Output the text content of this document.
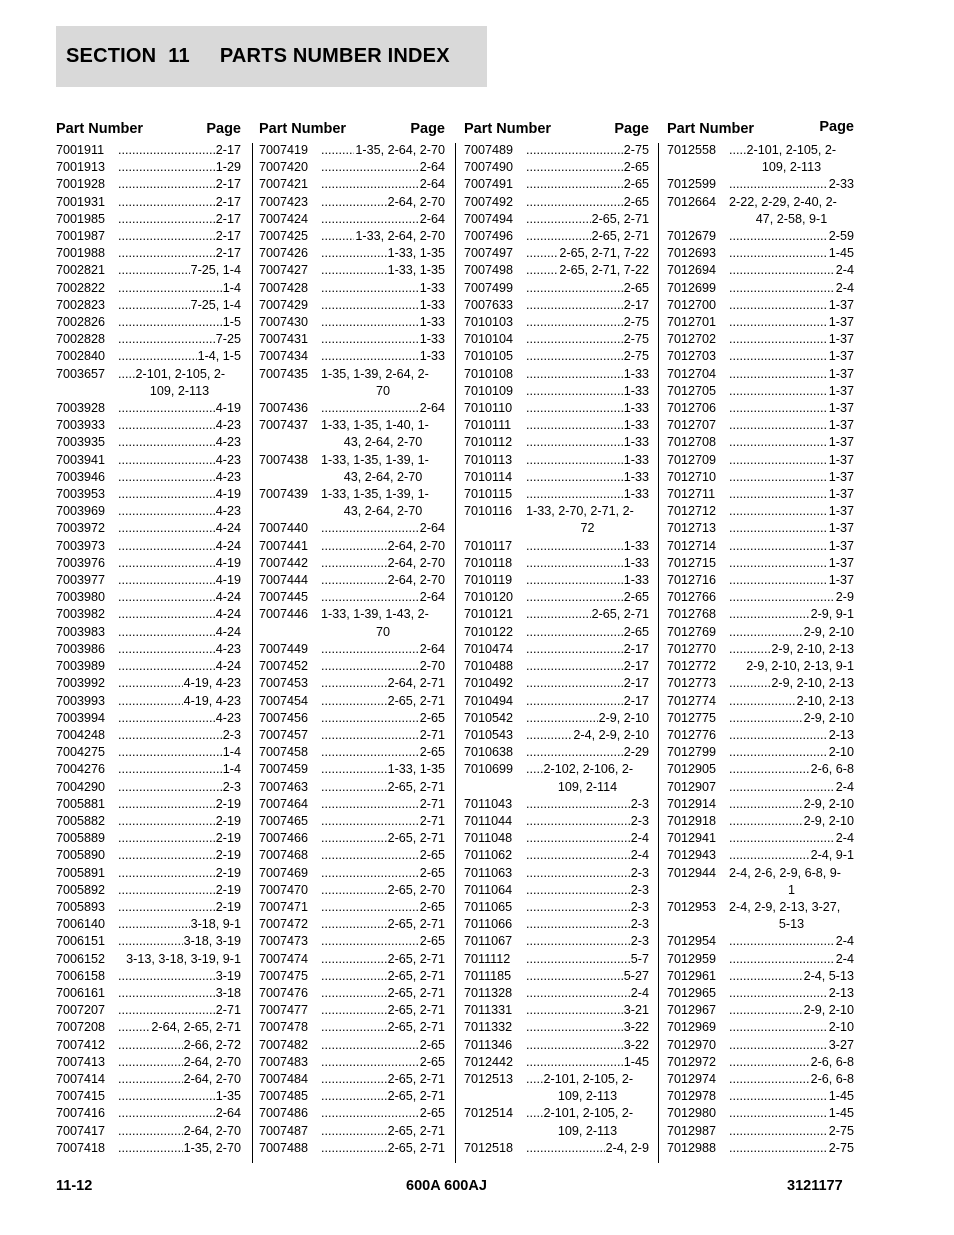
SECTION 11 PARTS NUMBER INDEX
Part Number	Page
7001911 .....	2-17
7001913 .....	1-29
7001928 .....	2-17
7001931 .....	2-17
7001985 .....	2-17
7001987 .....	2-17
7001988 .....	2-17
7002821 .....	7-25, 1-4
7002822 .....	1-4
7002823 .....	7-25, 1-4
7002826 .....	1-5
7002828 .....	7-25
7002840 .....	1-4, 1-5
7003657	.....2-101, 2-105, 2-
109, 2-113
7003928 .....	4-19
7003933 .....	4-23
7003935 .....	4-23
7003941 .....	4-23
7003946 .....	4-23
7003953 .....	4-19
7003969 .....	4-23
7003972 .....	4-24
7003973 .....	4-24
7003976 .....	4-19
7003977 .....	4-19
7003980 .....	4-24
7003982 .....	4-24
7003983 .....	4-24
7003986 .....	4-23
7003989 .....	4-24
7003992 .....	4-19, 4-23
7003993 .....	4-19, 4-23
7003994 .....	4-23
7004248 .....	2-3
7004275 .....	1-4
7004276 .....	1-4
7004290 .....	2-3
7005881 .....	2-19
7005882 .....	2-19
7005889 .....	2-19
7005890 .....	2-19
7005891 .....	2-19
7005892 .....	2-19
7005893 .....	2-19
7006140 .....	3-18, 9-1
7006151 .....	3-18, 3-19
7006152	3-13, 3-18, 3-19, 9-1
7006158 .....	3-19
7006161 .....	3-18
7007207 .....	2-71
7007208 .....	2-64, 2-65, 2-71
7007412 .....	2-66, 2-72
7007413 .....	2-64, 2-70
7007414 .....	2-64, 2-70
7007415 .....	1-35
7007416 .....	2-64
7007417 .....	2-64, 2-70
7007418 .....	1-35, 2-70
Part Number	Page
7007419 .....	1-35, 2-64, 2-70
7007420 .....	2-64
7007421 .....	2-64
7007423 .....	2-64, 2-70
7007424 .....	2-64
7007425 .....	1-33, 2-64, 2-70
7007426 .....	1-33, 1-35
7007427 .....	1-33, 1-35
7007428 .....	1-33
7007429 .....	1-33
7007430 .....	1-33
7007431 .....	1-33
7007434 .....	1-33
7007435	1-35, 1-39, 2-64, 2-
70
7007436 .....	2-64
7007437	1-33, 1-35, 1-40, 1-
43, 2-64, 2-70
7007438	1-33, 1-35, 1-39, 1-
43, 2-64, 2-70
7007439	1-33, 1-35, 1-39, 1-
43, 2-64, 2-70
7007440 .....	2-64
7007441 .....	2-64, 2-70
7007442 .....	2-64, 2-70
7007444 .....	2-64, 2-70
7007445 .....	2-64
7007446	1-33, 1-39, 1-43, 2-
70
7007449 .....	2-64
7007452 .....	2-70
7007453 .....	2-64, 2-71
7007454 .....	2-65, 2-71
7007456 .....	2-65
7007457 .....	2-71
7007458 .....	2-65
7007459 .....	1-33, 1-35
7007463 .....	2-65, 2-71
7007464 .....	2-71
7007465 .....	2-71
7007466 .....	2-65, 2-71
7007468 .....	2-65
7007469 .....	2-65
7007470 .....	2-65, 2-70
7007471 .....	2-65
7007472 .....	2-65, 2-71
7007473 .....	2-65
7007474 .....	2-65, 2-71
7007475 .....	2-65, 2-71
7007476 .....	2-65, 2-71
7007477 .....	2-65, 2-71
7007478 .....	2-65, 2-71
7007482 .....	2-65
7007483 .....	2-65
7007484 .....	2-65, 2-71
7007485 .....	2-65, 2-71
7007486 .....	2-65
7007487 .....	2-65, 2-71
7007488 .....	2-65, 2-71
Part Number	Page
7007489 .....	2-75
7007490 .....	2-65
7007491 .....	2-65
7007492 .....	2-65
7007494 .....	2-65, 2-71
7007496 .....	2-65, 2-71
7007497 .....	2-65, 2-71, 7-22
7007498 .....	2-65, 2-71, 7-22
7007499 .....	2-65
7007633 .....	2-17
7010103 .....	2-75
7010104 .....	2-75
7010105 .....	2-75
7010108 .....	1-33
7010109 .....	1-33
7010110 .....	1-33
7010111 .....	1-33
7010112 .....	1-33
7010113 .....	1-33
7010114 .....	1-33
7010115 .....	1-33
7010116	1-33, 2-70, 2-71, 2-
72
7010117 .....	1-33
7010118 .....	1-33
7010119 .....	1-33
7010120 .....	2-65
7010121 .....	2-65, 2-71
7010122 .....	2-65
7010474 .....	2-17
7010488 .....	2-17
7010492 .....	2-17
7010494 .....	2-17
7010542 .....	2-9, 2-10
7010543 .....	2-4, 2-9, 2-10
7010638 .....	2-29
7010699	.....2-102, 2-106, 2-
109, 2-114
7011043 .....	2-3
7011044 .....	2-3
7011048 .....	2-4
7011062 .....	2-4
7011063 .....	2-3
7011064 .....	2-3
7011065 .....	2-3
7011066 .....	2-3
7011067 .....	2-3
7011112 .....	5-7
7011185 .....	5-27
7011328 .....	2-4
7011331 .....	3-21
7011332 .....	3-22
7011346 .....	3-22
7012442 .....	1-45
7012513	.....2-101, 2-105, 2-
109, 2-113
7012514	.....2-101, 2-105, 2-
109, 2-113
7012518 .....	2-4, 2-9
Part Number	Page
7012558	.....2-101, 2-105, 2-
109, 2-113
7012599 .....	2-33
7012664	2-22, 2-29, 2-40, 2-
47, 2-58, 9-1
7012679 .....	2-59
7012693 .....	1-45
7012694 .....	2-4
7012699 .....	2-4
7012700 .....	1-37
7012701 .....	1-37
7012702 .....	1-37
7012703 .....	1-37
7012704 .....	1-37
7012705 .....	1-37
7012706 .....	1-37
7012707 .....	1-37
7012708 .....	1-37
7012709 .....	1-37
7012710 .....	1-37
7012711 .....	1-37
7012712 .....	1-37
7012713 .....	1-37
7012714 .....	1-37
7012715 .....	1-37
7012716 .....	1-37
7012766 .....	2-9
7012768 .....	2-9, 9-1
7012769 .....	2-9, 2-10
7012770 .....	2-9, 2-10, 2-13
7012772	2-9, 2-10, 2-13, 9-1
7012773 .....	2-9, 2-10, 2-13
7012774 .....	2-10, 2-13
7012775 .....	2-9, 2-10
7012776 .....	2-13
7012799 .....	2-10
7012905 .....	2-6, 6-8
7012907 .....	2-4
7012914 .....	2-9, 2-10
7012918 .....	2-9, 2-10
7012941 .....	2-4
7012943 .....	2-4, 9-1
7012944	2-4, 2-6, 2-9, 6-8, 9-
1
7012953	2-4, 2-9, 2-13, 3-27,
5-13
7012954 .....	2-4
7012959 .....	2-4
7012961 .....	2-4, 5-13
7012965 .....	2-13
7012967 .....	2-9, 2-10
7012969 .....	2-10
7012970 .....	3-27
7012972 .....	2-6, 6-8
7012974 .....	2-6, 6-8
7012978 .....	1-45
7012980 .....	1-45
7012987 .....	2-75
7012988 .....	2-75
11-12	600A 600AJ	3121177
